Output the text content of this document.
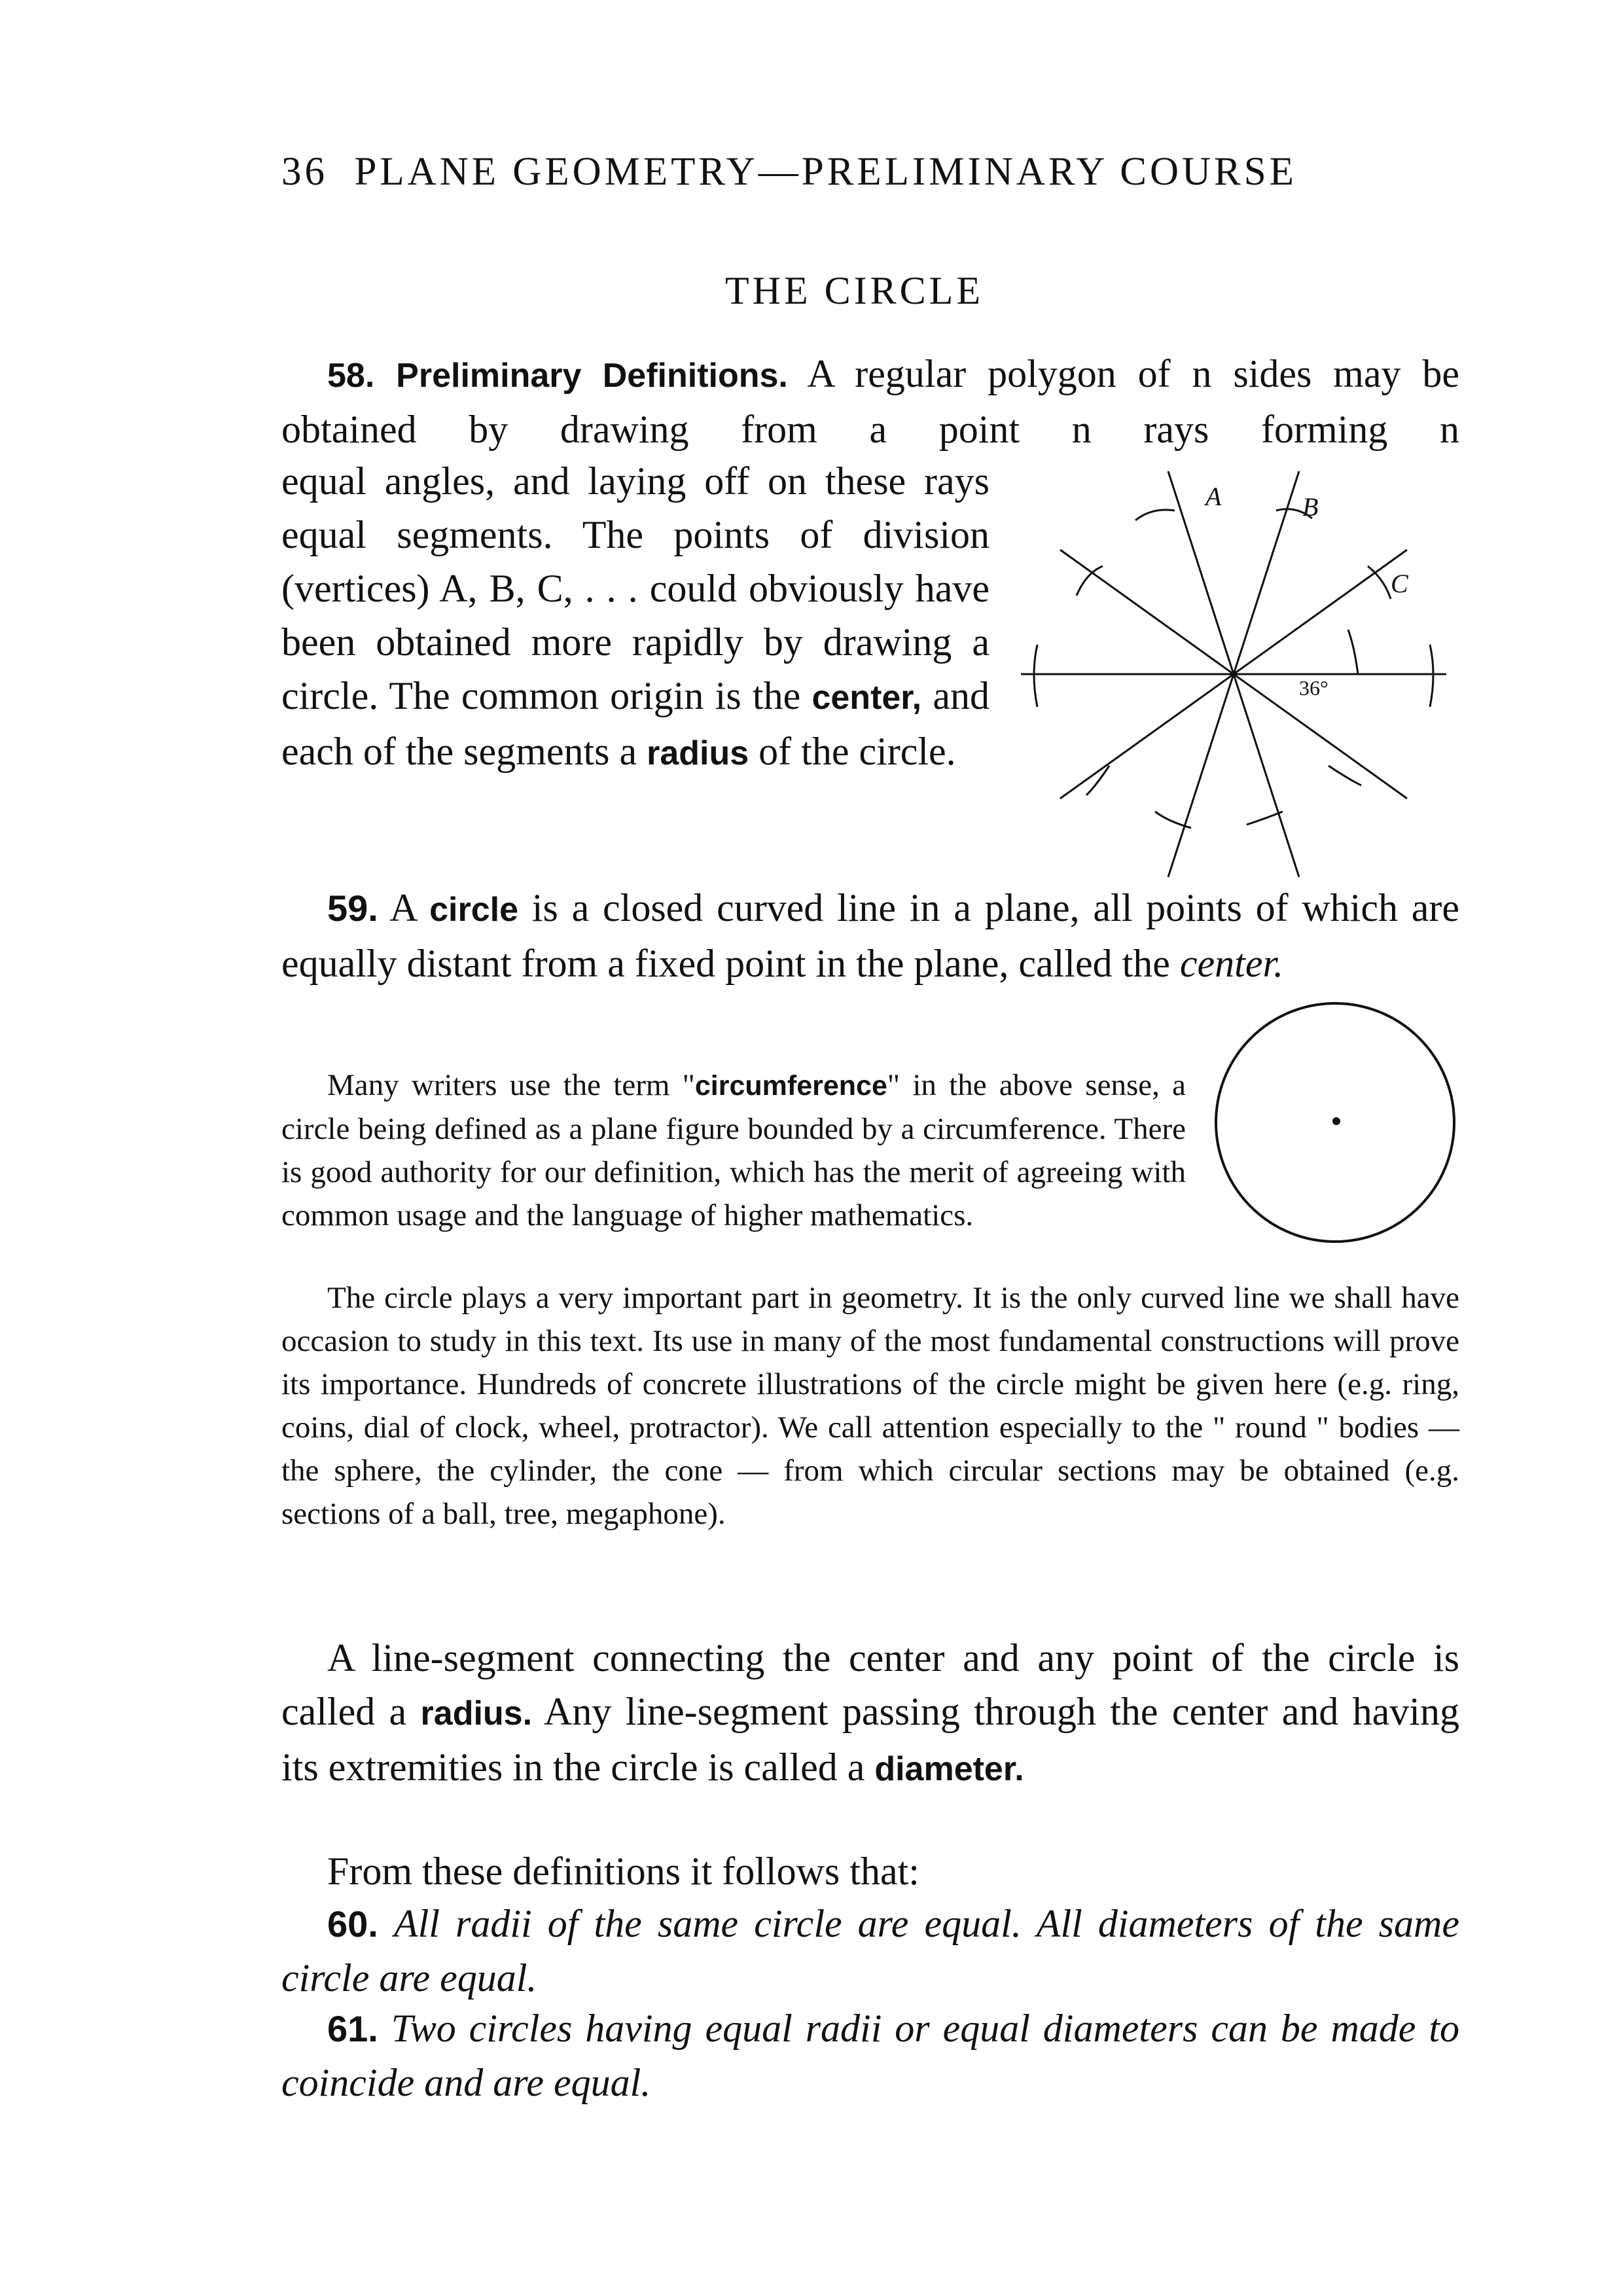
36 PLANE GEOMETRY—PRELIMINARY COURSE
THE CIRCLE

58. Preliminary Definitions. A regular polygon of n sides may be obtained by drawing from a point n rays forming n

equal angles, and laying off on these rays equal segments. The points of division (vertices) A, B, C, . . . could obviously have been obtained more rapidly by drawing a circle. The common origin is the center, and each of the segments a radius of the circle.

A	B
C
36°

59. A circle is a closed curved line in a plane, all points of which are equally distant from a fixed point in the plane, called the center.

Many writers use the term "circumference" in the above sense, a circle being defined as a plane figure bounded by a circumference. There is good authority for our definition, which has the merit of agreeing with common usage and the language of higher mathematics.

The circle plays a very important part in geometry. It is the only curved line we shall have occasion to study in this text. Its use in many of the most fundamental constructions will prove its importance. Hundreds of concrete illustrations of the circle might be given here (e.g. ring, coins, dial of clock, wheel, protractor). We call attention especially to the " round " bodies — the sphere, the cylinder, the cone — from which circular sections may be obtained (e.g. sections of a ball, tree, megaphone).

A line-segment connecting the center and any point of the circle is called a radius. Any line-segment passing through the center and having its extremities in the circle is called a diameter.

From these definitions it follows that:

60. All radii of the same circle are equal. All diameters of the same circle are equal.

61. Two circles having equal radii or equal diameters can be made to coincide and are equal.
